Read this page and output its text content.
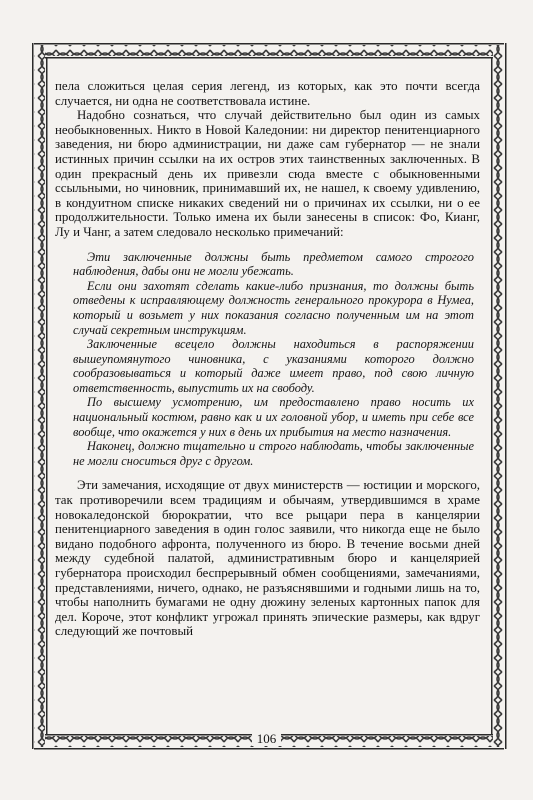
пела сложиться целая серия легенд, из которых, как это почти всегда случается, ни одна не соответствовала истине.

Надобно сознаться, что случай действительно был один из самых необыкновенных. Никто в Новой Каледонии: ни директор пенитенциарного заведения, ни бюро администрации, ни даже сам губернатор — не знали истинных причин ссылки на их остров этих таинственных заключенных. В один прекрасный день их привезли сюда вместе с обыкновенными ссыльными, но чиновник, принимавший их, не нашел, к своему удивлению, в кондуитном списке никаких сведений ни о причинах их ссылки, ни о ее продолжительности. Только имена их были занесены в список: Фо, Кианг, Лу и Чанг, а затем следовало несколько примечаний:

Эти заключенные должны быть предметом самого строгого наблюдения, дабы они не могли убежать.

Если они захотят сделать какие-либо признания, то должны быть отведены к исправляющему должность генерального прокурора в Нумеа, который и возьмет у них показания согласно полученным им на этот случай секретным инструкциям.

Заключенные всецело должны находиться в распоряжении вышеупомянутого чиновника, с указаниями которого должно сообразовываться и который даже имеет право, под свою личную ответственность, выпустить их на свободу.

По высшему усмотрению, им предоставлено право носить их национальный костюм, равно как и их головной убор, и иметь при себе все вообще, что окажется у них в день их прибытия на место назначения.

Наконец, должно тщательно и строго наблюдать, чтобы заключенные не могли сноситься друг с другом.

Эти замечания, исходящие от двух министерств — юстиции и морского, так противоречили всем традициям и обычаям, утвердившимся в храме новокаледонской бюрократии, что все рыцари пера в канцелярии пенитенциарного заведения в один голос заявили, что никогда еще не было видано подобного афронта, полученного из бюро. В течение восьми дней между судебной палатой, административным бюро и канцелярией губернатора происходил беспрерывный обмен сообщениями, замечаниями, представлениями, ничего, однако, не разъяснявшими и годными лишь на то, чтобы наполнить бумагами не одну дюжину зеленых картонных папок для дел. Короче, этот конфликт угрожал принять эпические размеры, как вдруг следующий же почтовый

106
